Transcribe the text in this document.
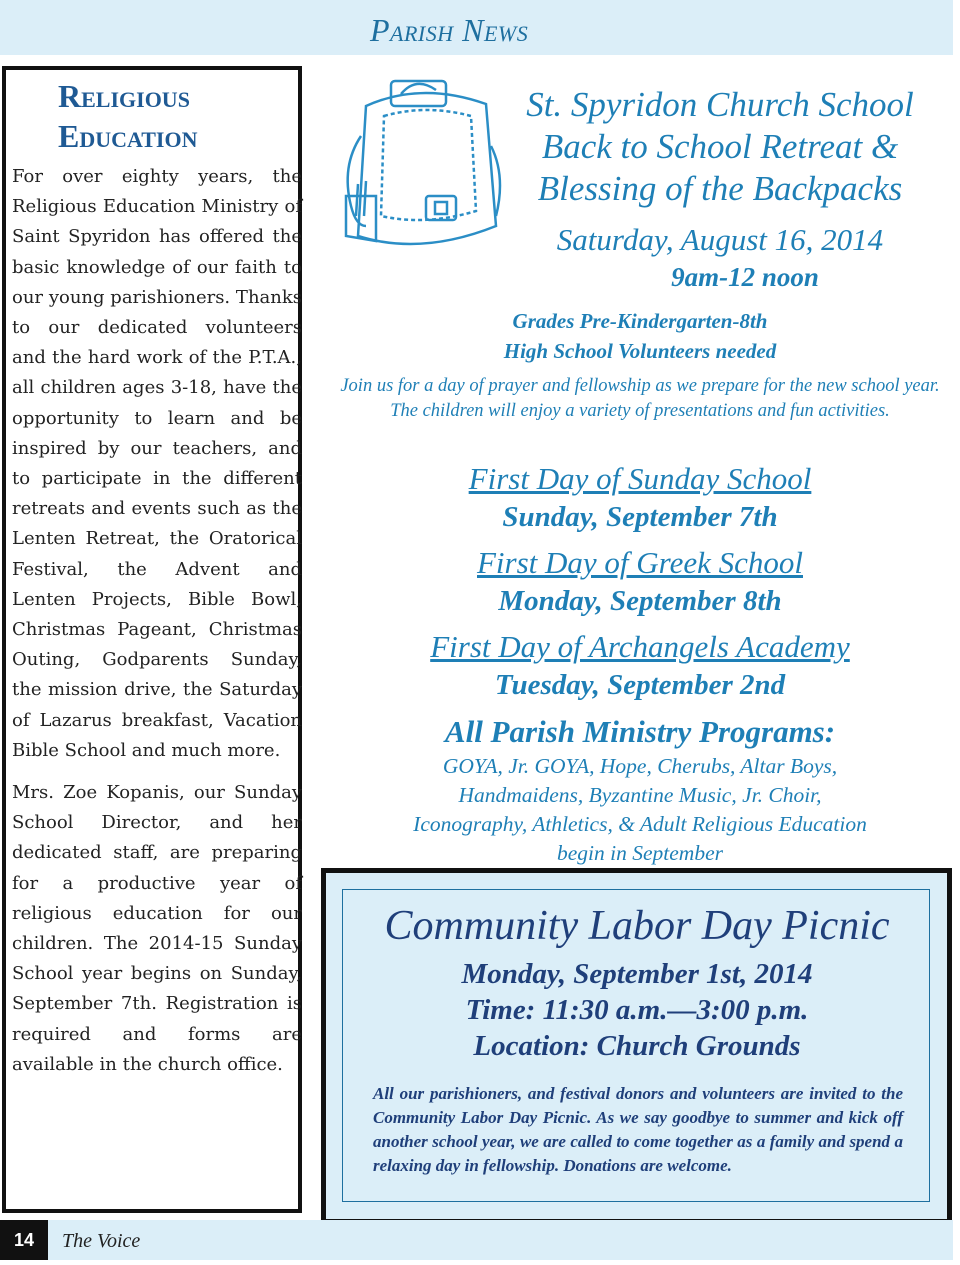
Parish News
Religious
Education

For over eighty years, the Religious Education Ministry of Saint Spyridon has offered the basic knowledge of our faith to our young parishioners. Thanks to our dedicated volunteers and the hard work of the P.T.A., all children ages 3-18, have the opportunity to learn and be inspired by our teachers, and to participate in the different retreats and events such as the Lenten Retreat, the Oratorical Festival, the Advent and Lenten Projects, Bible Bowl, Christmas Pageant, Christmas Outing, Godparents Sunday, the mission drive, the Saturday of Lazarus breakfast, Vacation Bible School and much more.

Mrs. Zoe Kopanis, our Sunday School Director, and her dedicated staff, are preparing for a productive year of religious education for our children. The 2014-15 Sunday School year begins on Sunday, September 7th. Registration is required and forms are available in the church office.

St. Spyridon Church School
Back to School Retreat &
Blessing of the Backpacks
Saturday, August 16, 2014
9am-12 noon
Grades Pre-Kindergarten-8th
High School Volunteers needed
Join us for a day of prayer and fellowship as we prepare for the new school year. The children will enjoy a variety of presentations and fun activities.
First Day of Sunday School
Sunday, September 7th
First Day of Greek School
Monday, September 8th
First Day of Archangels Academy
Tuesday, September 2nd
All Parish Ministry Programs:
GOYA, Jr. GOYA, Hope, Cherubs, Altar Boys,
Handmaidens, Byzantine Music, Jr. Choir,
Iconography, Athletics, & Adult Religious Education
begin in September
Community Labor Day Picnic
Monday, September 1st, 2014
Time: 11:30 a.m.—3:00 p.m.
Location: Church Grounds
All our parishioners, and festival donors and volunteers are invited to the Community Labor Day Picnic. As we say goodbye to summer and kick off another school year, we are called to come together as a family and spend a relaxing day in fellowship. Donations are welcome.
14	The Voice
